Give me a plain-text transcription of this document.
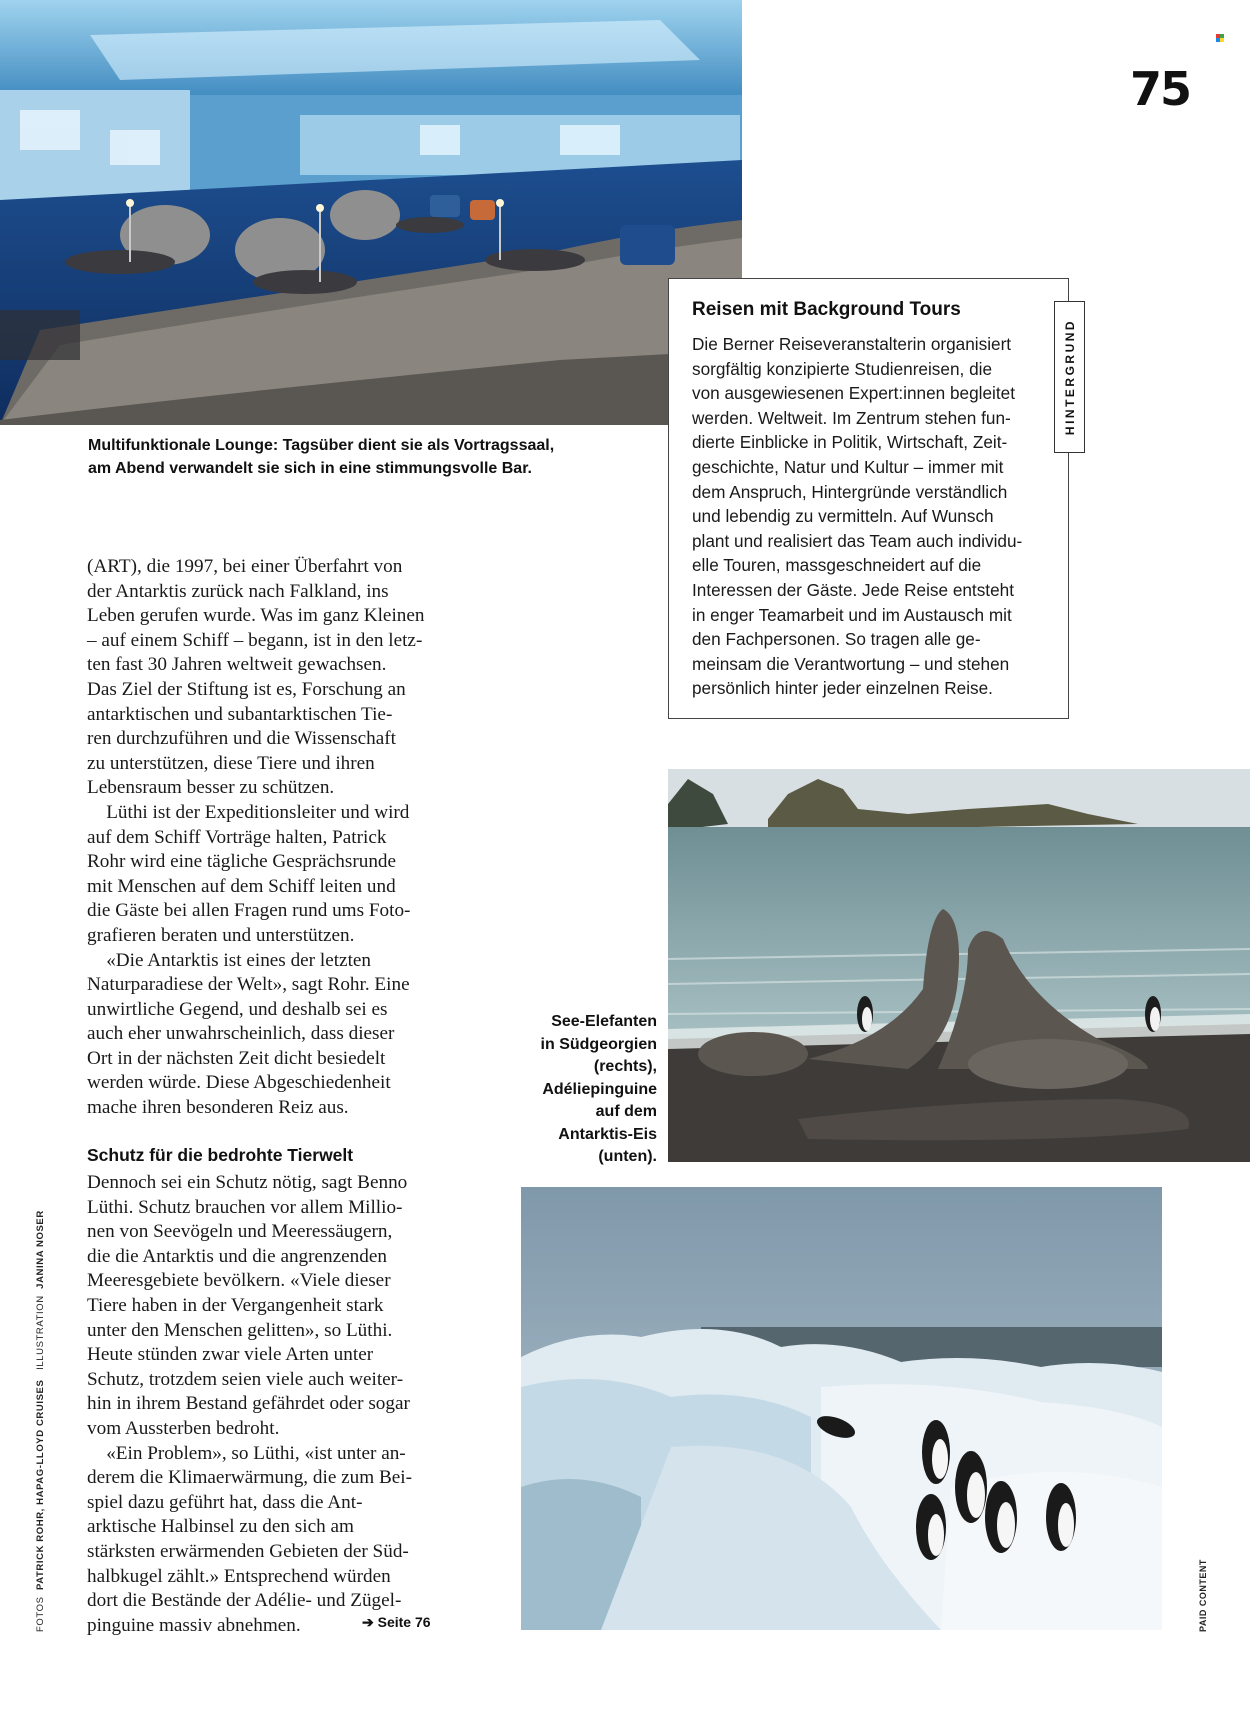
75
Multifunktionale Lounge: Tagsüber dient sie als Vortragssaal,
am Abend verwandelt sie sich in eine stimmungsvolle Bar.
Reisen mit Background Tours
Die Berner Reiseveranstalterin organisiert
sorgfältig konzipierte Studienreisen, die
von ausgewiesenen Expert:innen begleitet
werden. Weltweit. Im Zentrum stehen fun-
dierte Einblicke in Politik, Wirtschaft, Zeit-
geschichte, Natur und Kultur – immer mit
dem Anspruch, Hintergründe verständlich
und lebendig zu vermitteln. Auf Wunsch
plant und realisiert das Team auch individu-
elle Touren, massgeschneidert auf die
Interessen der Gäste. Jede Reise entsteht
in enger Teamarbeit und im Austausch mit
den Fachpersonen. So tragen alle ge-
meinsam die Verantwortung – und stehen
persönlich hinter jeder einzelnen Reise.
HINTERGRUND
(ART), die 1997, bei einer Überfahrt von
der Antarktis zurück nach Falkland, ins
Leben gerufen wurde. Was im ganz Kleinen
– auf einem Schiff – begann, ist in den letz-
ten fast 30 Jahren weltweit gewachsen.
Das Ziel der Stiftung ist es, Forschung an
antarktischen und subantarktischen Tie-
ren durchzuführen und die Wissenschaft
zu unterstützen, diese Tiere und ihren
Lebensraum besser zu schützen.
Lüthi ist der Expeditionsleiter und wird
auf dem Schiff Vorträge halten, Patrick
Rohr wird eine tägliche Gesprächsrunde
mit Menschen auf dem Schiff leiten und
die Gäste bei allen Fragen rund ums Foto-
grafieren beraten und unterstützen.
«Die Antarktis ist eines der letzten
Naturparadiese der Welt», sagt Rohr. Eine
unwirtliche Gegend, und deshalb sei es
auch eher unwahrscheinlich, dass dieser
Ort in der nächsten Zeit dicht besiedelt
werden würde. Diese Abgeschiedenheit
mache ihren besonderen Reiz aus.
Schutz für die bedrohte Tierwelt
Dennoch sei ein Schutz nötig, sagt Benno
Lüthi. Schutz brauchen vor allem Millio-
nen von Seevögeln und Meeressäugern,
die die Antarktis und die angrenzenden
Meeresgebiete bevölkern. «Viele dieser
Tiere haben in der Vergangenheit stark
unter den Menschen gelitten», so Lüthi.
Heute stünden zwar viele Arten unter
Schutz, trotzdem seien viele auch weiter-
hin in ihrem Bestand gefährdet oder sogar
vom Aussterben bedroht.
«Ein Problem», so Lüthi, «ist unter an-
derem die Klimaerwärmung, die zum Bei-
spiel dazu geführt hat, dass die Ant-
arktische Halbinsel zu den sich am
stärksten erwärmenden Gebieten der Süd-
halbkugel zählt.» Entsprechend würden
dort die Bestände der Adélie- und Zügel-
pinguine massiv abnehmen.	➔ Seite 76
FOTOS  PATRICK ROHR, HAPAG-LLOYD CRUISES   ILLUSTRATION  JANINA NOSER
PAID CONTENT
See-Elefanten
in Südgeorgien
(rechts),
Adéliepinguine
auf dem
Antarktis-Eis
(unten).
